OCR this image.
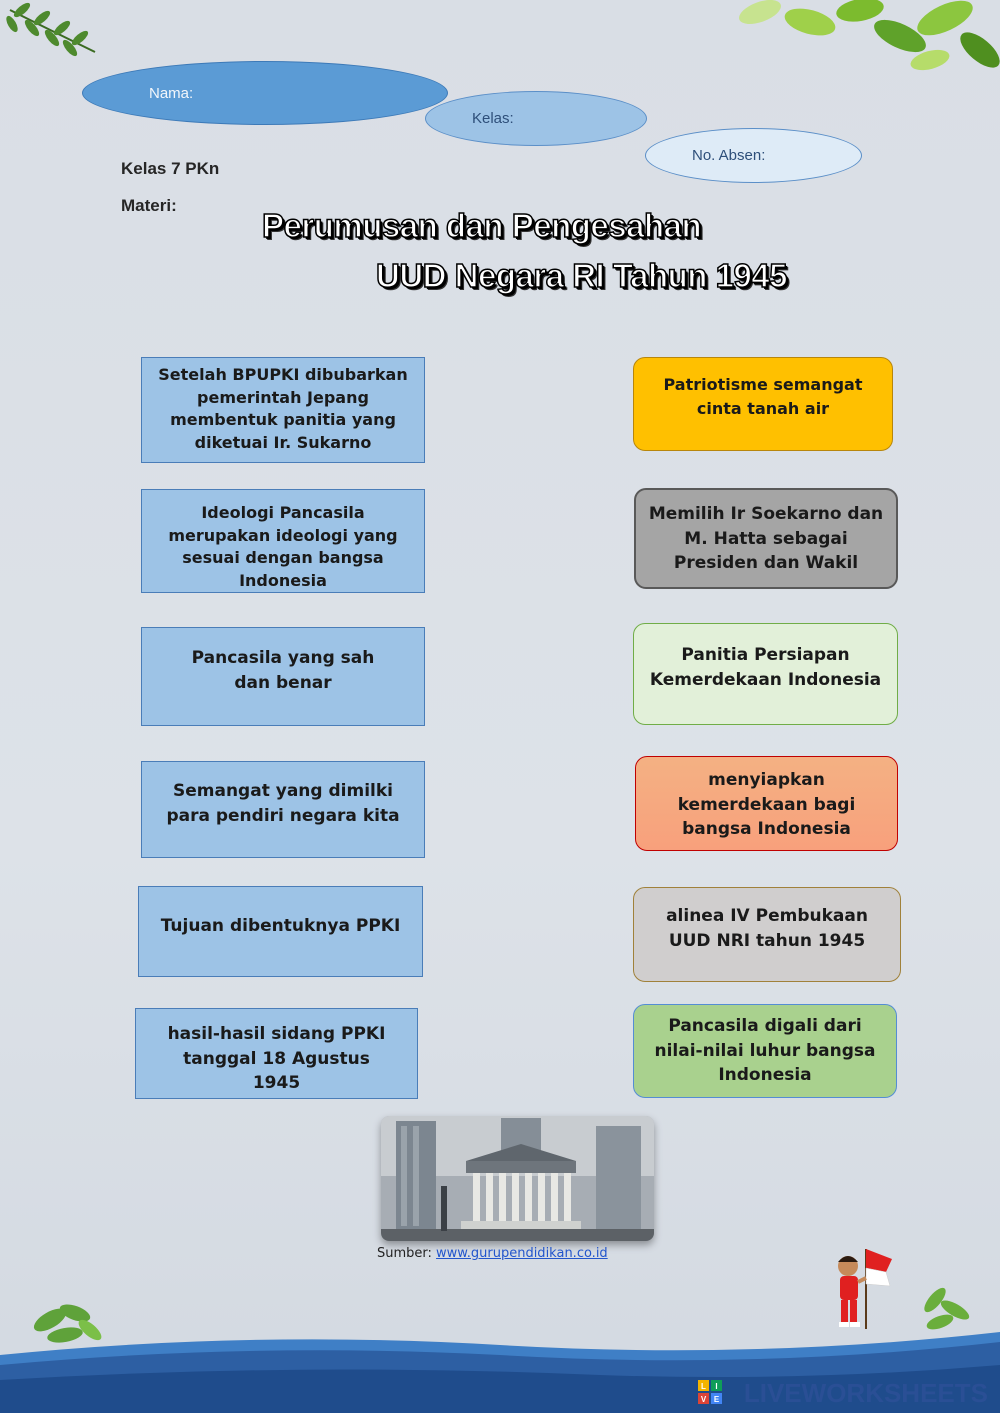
Nama:
Kelas:
No. Absen:
Kelas 7 PKn
Materi:
Perumusan dan Pengesahan
UUD Negara RI Tahun 1945
Setelah BPUPKI dibubarkan pemerintah Jepang membentuk panitia yang diketuai Ir. Sukarno
Ideologi Pancasila merupakan ideologi yang sesuai dengan bangsa Indonesia
Pancasila yang sah dan benar
Semangat yang dimilki para pendiri negara kita
Tujuan dibentuknya PPKI
hasil-hasil sidang PPKI tanggal 18 Agustus 1945
Patriotisme semangat cinta tanah air
Memilih Ir Soekarno dan M. Hatta sebagai Presiden dan Wakil
Panitia Persiapan Kemerdekaan Indonesia
menyiapkan kemerdekaan bagi bangsa Indonesia
alinea IV Pembukaan UUD NRI tahun 1945
Pancasila digali dari nilai-nilai luhur bangsa Indonesia
Sumber: www.gurupendidikan.co.id
L I
V E LIVEWORKSHEETS
